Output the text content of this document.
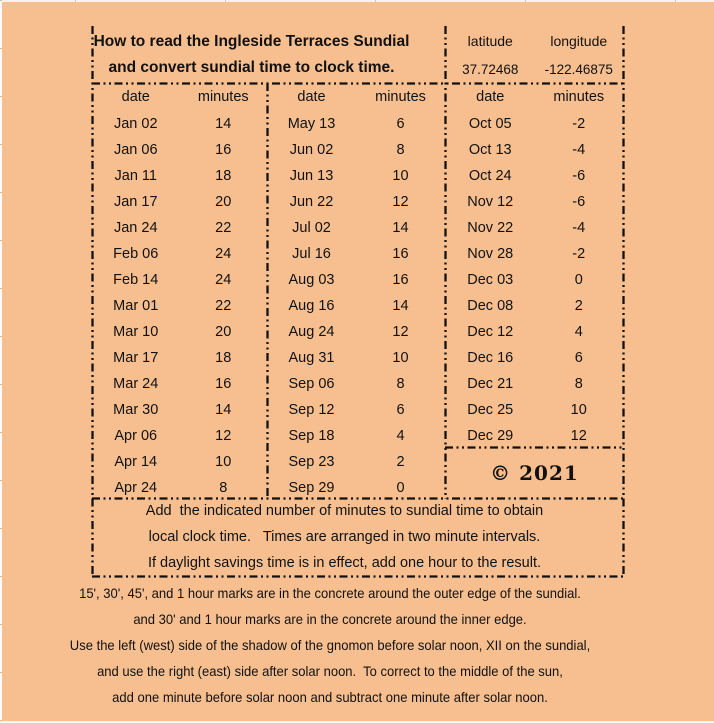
How to read the Ingleside Terraces Sundial
and convert sundial time to clock time.
latitude	longitude
37.72468	-122.46875
date	minutes
Jan 02	14
Jan 06	16
Jan 11	18
Jan 17	20
Jan 24	22
Feb 06	24
Feb 14	24
Mar 01	22
Mar 10	20
Mar 17	18
Mar 24	16
Mar 30	14
Apr 06	12
Apr 14	10
Apr 24	8
date	minutes
May 13	6
Jun 02	8
Jun 13	10
Jun 22	12
Jul 02	14
Jul 16	16
Aug 03	16
Aug 16	14
Aug 24	12
Aug 31	10
Sep 06	8
Sep 12	6
Sep 18	4
Sep 23	2
Sep 29	0
date	minutes
Oct 05	-2
Oct 13	-4
Oct 24	-6
Nov 12	-6
Nov 22	-4
Nov 28	-2
Dec 03	0
Dec 08	2
Dec 12	4
Dec 16	6
Dec 21	8
Dec 25	10
Dec 29	12
© 2021
Add  the indicated number of minutes to sundial time to obtain
local clock time.   Times are arranged in two minute intervals.
If daylight savings time is in effect, add one hour to the result.
15', 30', 45', and 1 hour marks are in the concrete around the outer edge of the sundial.
and 30' and 1 hour marks are in the concrete around the inner edge.
Use the left (west) side of the shadow of the gnomon before solar noon, XII on the sundial,
and use the right (east) side after solar noon.  To correct to the middle of the sun,
add one minute before solar noon and subtract one minute after solar noon.
